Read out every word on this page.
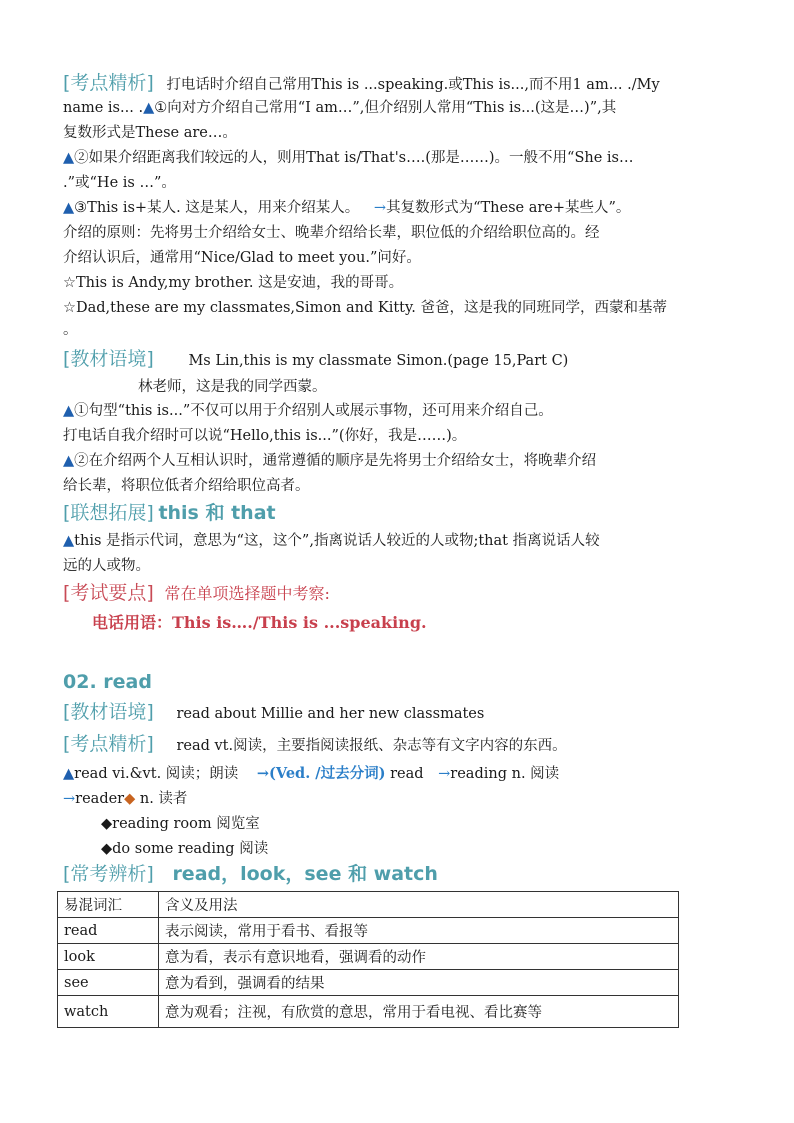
[考点精析] 打电话时介绍自己常用This is ...speaking.或This is...,而不用1 am... ./My
name is... .▲①向对方介绍自己常用“I am…”,但介绍别人常用“This is...(这是…)”,其
复数形式是These are…。
▲②如果介绍距离我们较远的人，则用That is/That's….(那是……)。一般不用“She is…
.”或“He is …”。
▲③This is+某人. 这是某人，用来介绍某人。 →其复数形式为“These are+某些人”。
介绍的原则：先将男士介绍给女士、晚辈介绍给长辈，职位低的介绍给职位高的。经
介绍认识后，通常用“Nice/Glad to meet you.”问好。
☆This is Andy,my brother. 这是安迪，我的哥哥。
☆Dad,these are my classmates,Simon and Kitty. 爸爸，这是我的同班同学，西蒙和基蒂
。
[教材语境] Ms Lin,this is my classmate Simon.(page 15,Part C)
林老师，这是我的同学西蒙。
▲①句型“this is...”不仅可以用于介绍别人或展示事物，还可用来介绍自己。
打电话自我介绍时可以说“Hello,this is...”(你好，我是……)。
▲②在介绍两个人互相认识时，通常遵循的顺序是先将男士介绍给女士，将晚辈介绍
给长辈，将职位低者介绍给职位高者。
[联想拓展] this 和 that
▲this 是指示代词，意思为“这，这个”,指离说话人较近的人或物;that 指离说话人较
远的人或物。
[考试要点] 常在单项选择题中考察:
电话用语：This is…./This is ...speaking.
02. read
[教材语境] read about Millie and her new classmates
[考点精析] read vt.阅读，主要指阅读报纸、杂志等有文字内容的东西。
▲read vi.&vt. 阅读；朗读 →(Ved. /过去分词) read →reading n. 阅读
→reader◆ n. 读者
◆reading room 阅览室
◆do some reading 阅读
[常考辨析] read，look，see 和 watch
易混词汇	含义及用法
read	表示阅读，常用于看书、看报等
look	意为看，表示有意识地看，强调看的动作
see	意为看到，强调看的结果
watch	意为观看；注视，有欣赏的意思，常用于看电视、看比赛等
